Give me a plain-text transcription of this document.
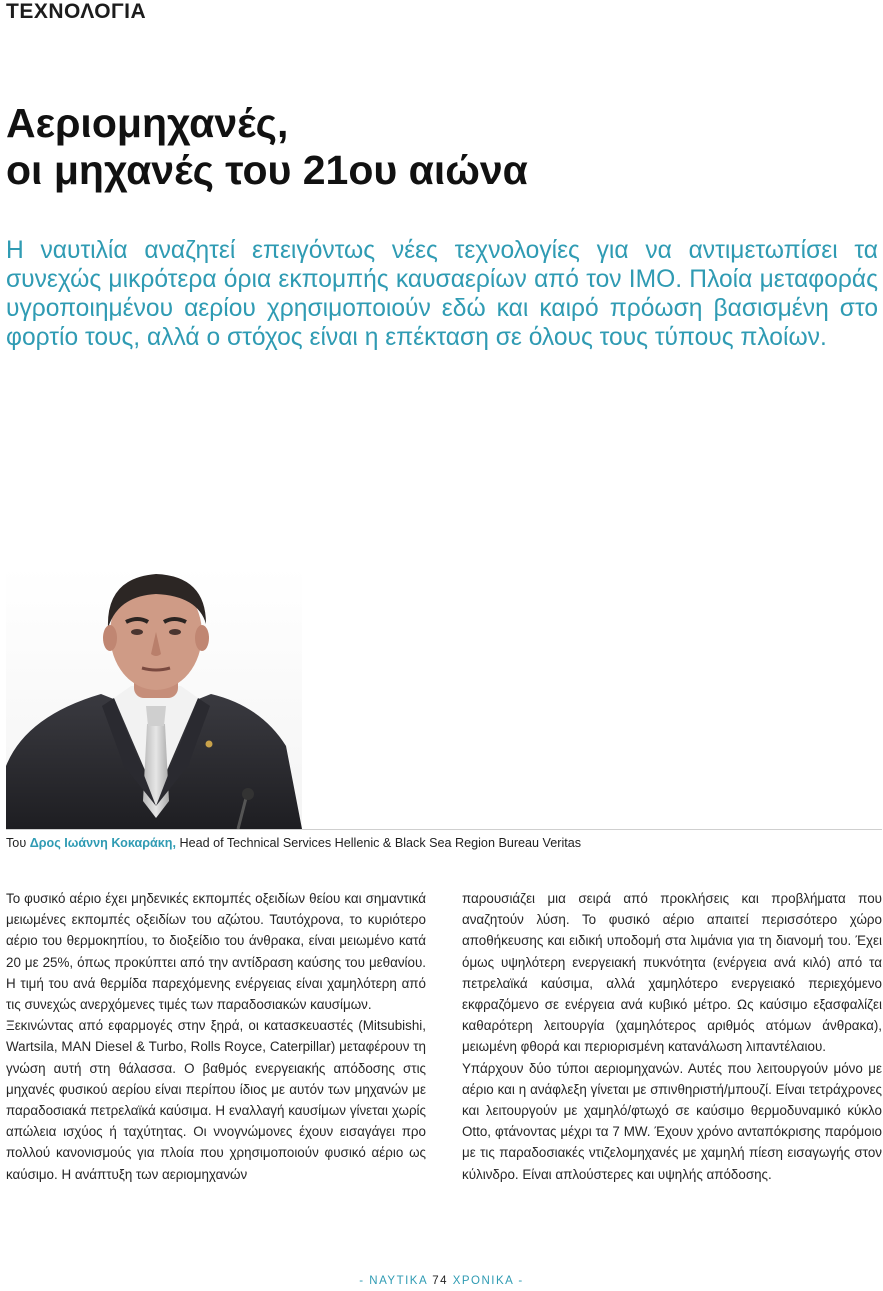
ΤΕΧΝΟΛΟΓΙΑ
Αεριομηχανές,
οι μηχανές του 21ου αιώνα
Η ναυτιλία αναζητεί επειγόντως νέες τεχνολογίες για να αντιμετωπίσει τα συνεχώς μικρότερα όρια εκπομπής καυσαερίων από τον IMO. Πλοία μεταφοράς υγροποιημένου αερίου χρησιμοποιούν εδώ και καιρό πρόωση βασισμένη στο φορτίο τους, αλλά ο στόχος είναι η επέκταση σε όλους τους τύπους πλοίων.
Του Δρος Ιωάννη Κοκαράκη, Head of Technical Services Hellenic & Black Sea Region Bureau Veritas

Το φυσικό αέριο έχει μηδενικές εκπομπές οξειδίων θείου και σημαντικά μειωμένες εκπομπές οξειδίων του αζώτου. Ταυτόχρονα, το κυριότερο αέριο του θερμοκηπίου, το διοξείδιο του άνθρακα, είναι μειωμένο κατά 20 με 25%, όπως προκύπτει από την αντίδραση καύσης του μεθανίου. Η τιμή του ανά θερμίδα παρεχόμενης ενέργειας είναι χαμηλότερη από τις συνεχώς ανερχόμενες τιμές των παραδοσιακών καυσίμων.

Ξεκινώντας από εφαρμογές στην ξηρά, οι κατασκευαστές (Mitsubishi, Wartsila, MAN Diesel & Turbo, Rolls Royce, Caterpillar) μεταφέρουν τη γνώση αυτή στη θάλασσα. Ο βαθμός ενεργειακής απόδοσης στις μηχανές φυσικού αερίου είναι περίπου ίδιος με αυτόν των μηχανών με παραδοσιακά πετρελαϊκά καύσιμα. Η εναλλαγή καυσίμων γίνεται χωρίς απώλεια ισχύος ή ταχύτητας. Οι ννογνώμονες έχουν εισαγάγει προ πολλού κανονισμούς για πλοία που χρησιμοποιούν φυσικό αέριο ως καύσιμο. Η ανάπτυξη των αεριομηχανών

παρουσιάζει μια σειρά από προκλήσεις και προβλήματα που αναζητούν λύση. Το φυσικό αέριο απαιτεί περισσότερο χώρο αποθήκευσης και ειδική υποδομή στα λιμάνια για τη διανομή του. Έχει όμως υψηλότερη ενεργειακή πυκνότητα (ενέργεια ανά κιλό) από τα πετρελαϊκά καύσιμα, αλλά χαμηλότερο ενεργειακό περιεχόμενο εκφραζόμενο σε ενέργεια ανά κυβικό μέτρο. Ως καύσιμο εξασφαλίζει καθαρότερη λειτουργία (χαμηλότερος αριθμός ατόμων άνθρακα), μειωμένη φθορά και περιορισμένη κατανάλωση λιπαντέλαιου.

Υπάρχουν δύο τύποι αεριομηχανών. Αυτές που λειτουργούν μόνο με αέριο και η ανάφλεξη γίνεται με σπινθηριστή/μπουζί. Είναι τετράχρονες και λειτουργούν με χαμηλό/φτωχό σε καύσιμο θερμοδυναμικό κύκλο Otto, φτάνοντας μέχρι τα 7 MW. Έχουν χρόνο ανταπόκρισης παρόμοιο με τις παραδοσιακές ντιζελομηχανές με χαμηλή πίεση εισαγωγής στον κύλινδρο. Είναι απλούστερες και υψηλής απόδοσης.

- ΝΑΥΤΙΚΑ 74 ΧΡΟΝΙΚΑ -
